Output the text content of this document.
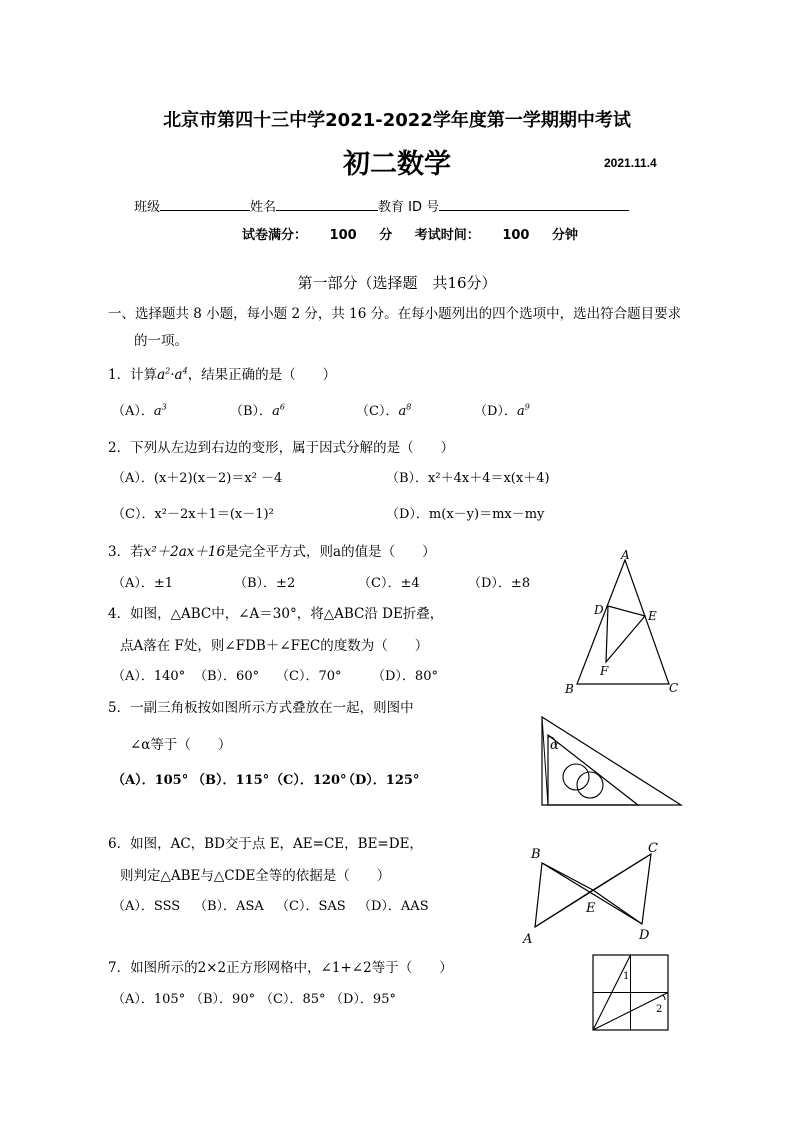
北京市第四十三中学2021-2022学年度第一学期期中考试
初二数学	2021.11.4
班级	姓名	教育 ID 号
试卷满分： 100 分 考试时间： 100 分钟
第一部分（选择题　共16分）
一、选择题共 8 小题，每小题 2 分，共 16 分。在每小题列出的四个选项中，选出符合题目要求
的一项。
1．计算$a^2\cdot a^4$，结果正确的是（　　）
（A）．$a^3$	（B）．$a^6$	（C）．$a^8$	（D）．$a^9$
2．下列从左边到右边的变形，属于因式分解的是（　　）
（A）．(x＋2)(x－2)＝x² －4	（B）．x²＋4x＋4＝x(x＋4)
（C）．x²－2x＋1＝(x－1)²	（D）．m(x－y)＝mx－my
3．若x²＋2ax＋16是完全平方式，则a的值是（　　）
（A）．±1	（B）．±2	（C）．±4	（D）．±8
4．如图，△ABC中，∠A＝30°，将△ABC沿 DE折叠，
点A落在 F处，则∠FDB＋∠FEC的度数为（　　）
（A）．140° （B）．60° （C）．70° （D）．80°
A
D	E
F
B	C
5．一副三角板按如图所示方式叠放在一起，则图中
∠α等于（　　）
（A）．105° （B）．115° （C）．120°
（D）．125°
α
6．如图，AC，BD交于点 E，AE=CE，BE=DE，
则判定△ABE与△CDE全等的依据是（　　）
（A）．SSS （B）．ASA （C）．SAS （D）．AAS
B	C
E
A	D
7．如图所示的2×2正方形网格中，∠1+∠2等于（　　）
（A）．105° （B）．90° （C）．85° （D）．95°
1
2
